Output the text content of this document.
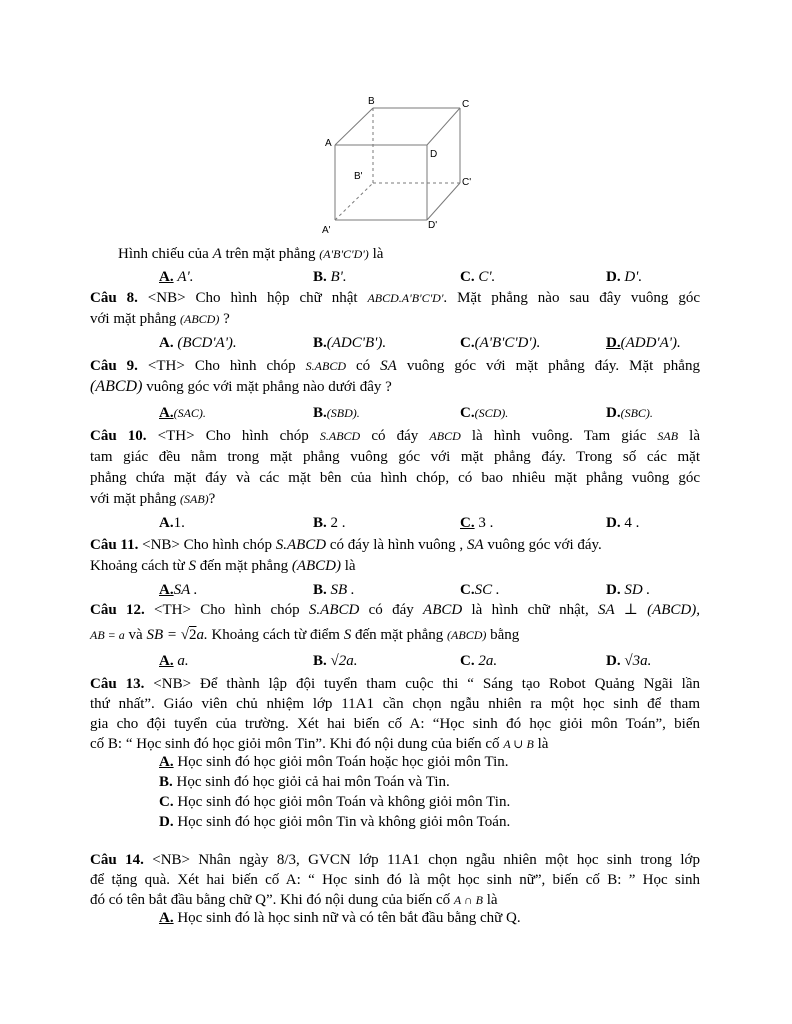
B	C
A
D
B'
C'
A'	D'
Hình chiếu của A trên mặt phẳng (A'B'C'D') là
A. A'.	B. B'.	C. C'.	D. D'.
Câu 8. <NB> Cho hình hộp chữ nhật ABCD.A'B'C'D'. Mặt phẳng nào sau đây vuông góc
với mặt phẳng (ABCD) ?
A. (BCD'A').	B.(ADC'B').	C.(A'B'C'D').	D.(ADD'A').
Câu 9. <TH> Cho hình chóp S.ABCD có SA vuông góc với mặt phẳng đáy. Mặt phẳng
(ABCD) vuông góc với mặt phẳng nào dưới đây ?
A.(SAC).	B.(SBD).	C.(SCD).	D.(SBC).
Câu 10. <TH> Cho hình chóp S.ABCD có đáy ABCD là hình vuông. Tam giác SAB là
tam giác đều nằm trong mặt phẳng vuông góc với mặt phẳng đáy. Trong số các mặt
phẳng chứa mặt đáy và các mặt bên của hình chóp, có bao nhiêu mặt phẳng vuông góc
với mặt phẳng (SAB)?
A.1.	B. 2 .	C. 3 .	D. 4 .
Câu 11. <NB> Cho hình chóp S.ABCD có đáy là hình vuông , SA vuông góc với đáy.
Khoảng cách từ S đến mặt phẳng (ABCD) là
A.SA .	B. SB .	C.SC .	D. SD .
Câu 12. <TH> Cho hình chóp S.ABCD có đáy ABCD là hình chữ nhật, SA ⊥ (ABCD),
AB = a và SB = √2a. Khoảng cách từ điểm S đến mặt phẳng (ABCD) bằng
A. a.	B. √2a.	C. 2a.	D. √3a.
Câu 13. <NB> Để thành lập đội tuyển tham cuộc thi “ Sáng tạo Robot Quảng Ngãi lần
thứ nhất”. Giáo viên chủ nhiệm lớp 11A1 cần chọn ngẫu nhiên ra một học sinh để tham
gia cho đội tuyển của trường. Xét hai biến cố A: “Học sinh đó học giỏi môn Toán”, biến
cố B: “ Học sinh đó học giỏi môn Tin”. Khi đó nội dung của biến cố A ∪ B là
A. Học sinh đó học giỏi môn Toán hoặc học giỏi môn Tin.
B. Học sinh đó học giỏi cả hai môn Toán và Tin.
C. Học sinh đó học giỏi môn Toán và không giỏi môn Tin.
D. Học sinh đó học giỏi môn Tin và không giỏi môn Toán.
Câu 14. <NB> Nhân ngày 8/3, GVCN lớp 11A1 chọn ngẫu nhiên một học sinh trong lớp
để tặng quà. Xét hai biến cố A: “ Học sinh đó là một học sinh nữ”, biến cố B: ” Học sinh
đó có tên bắt đầu bằng chữ Q”. Khi đó nội dung của biến cố A ∩ B là
A. Học sinh đó là học sinh nữ và có tên bắt đầu bằng chữ Q.
